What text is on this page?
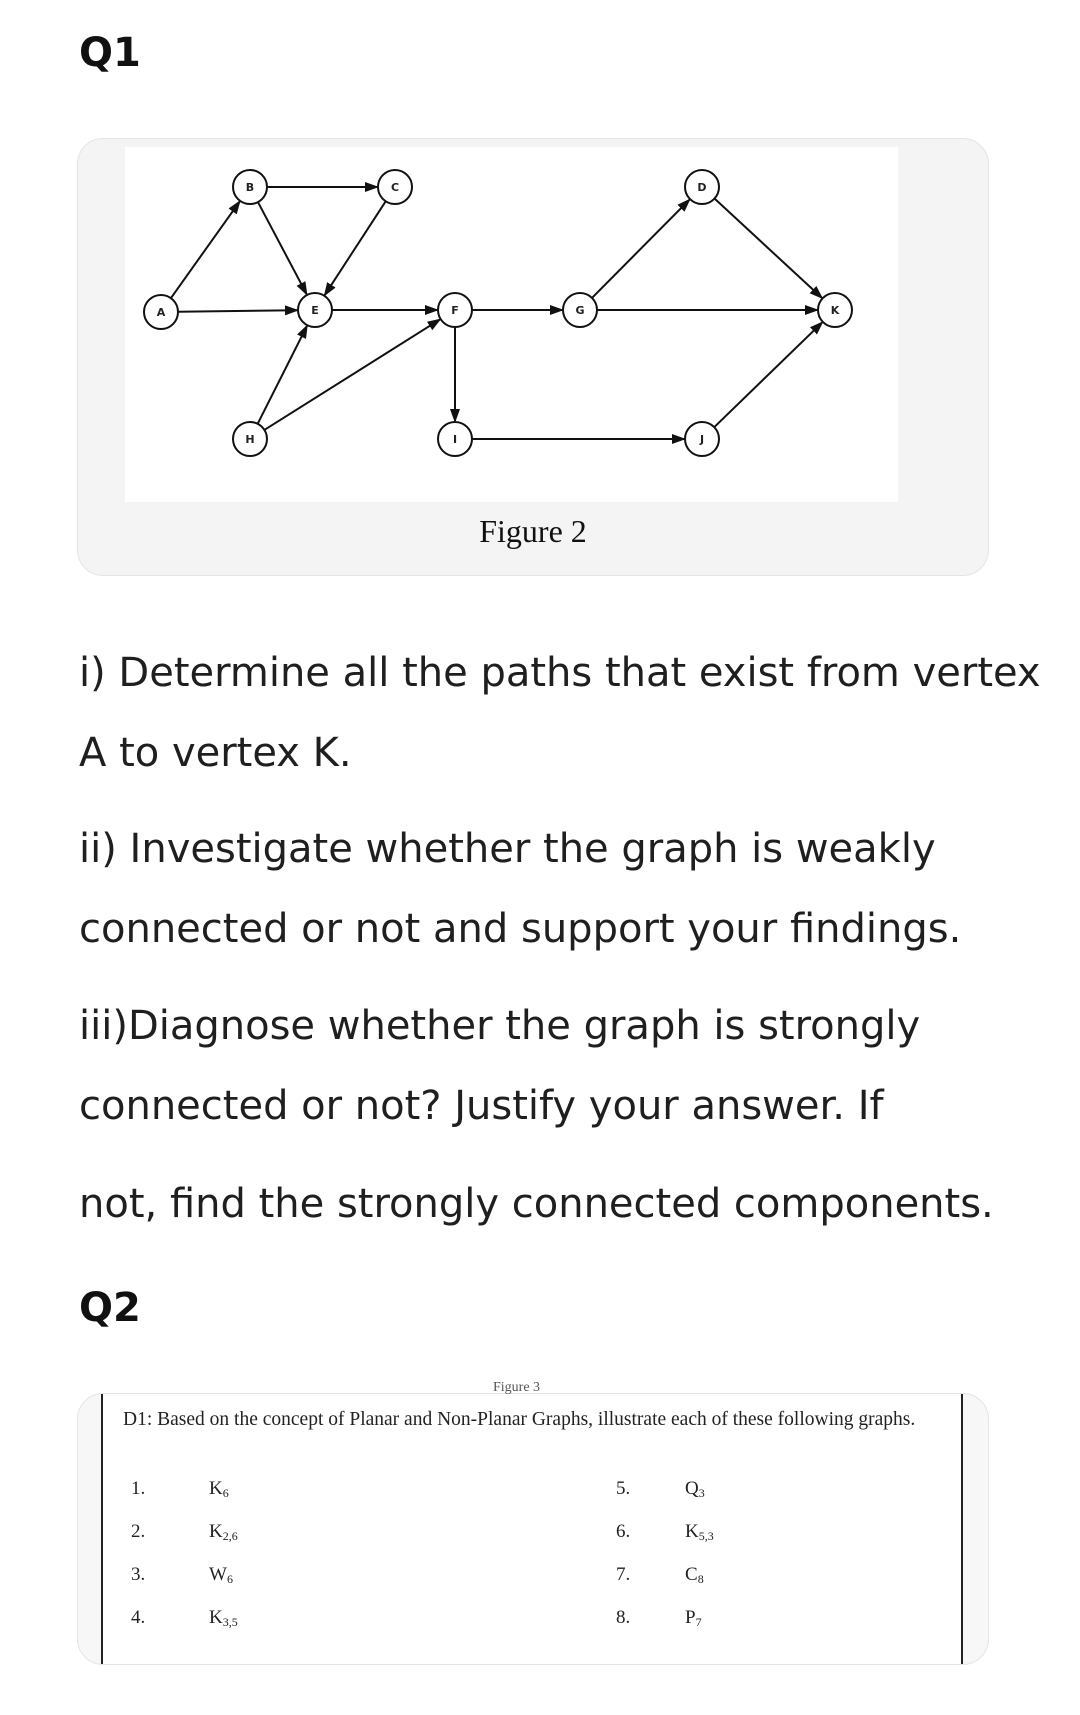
Q1
A
B	C	D
E	F	G
H	I	J
K
Figure 2
i) Determine all the paths that exist from vertex
A to vertex K.
ii) Investigate whether the graph is weakly
connected or not and support your findings.
iii)Diagnose whether the graph is strongly
connected or not? Justify your answer. If
not, find the strongly connected components.
Q2
Figure 3
D1: Based on the concept of Planar and Non-Planar Graphs, illustrate each of these following graphs.
1.	$K_6$
2.	$K_{2,6}$
3.	$W_6$
4.	$K_{3,5}$
5.	$Q_3$
6.	$K_{5,3}$
7.	$C_8$
8.	$P_7$
